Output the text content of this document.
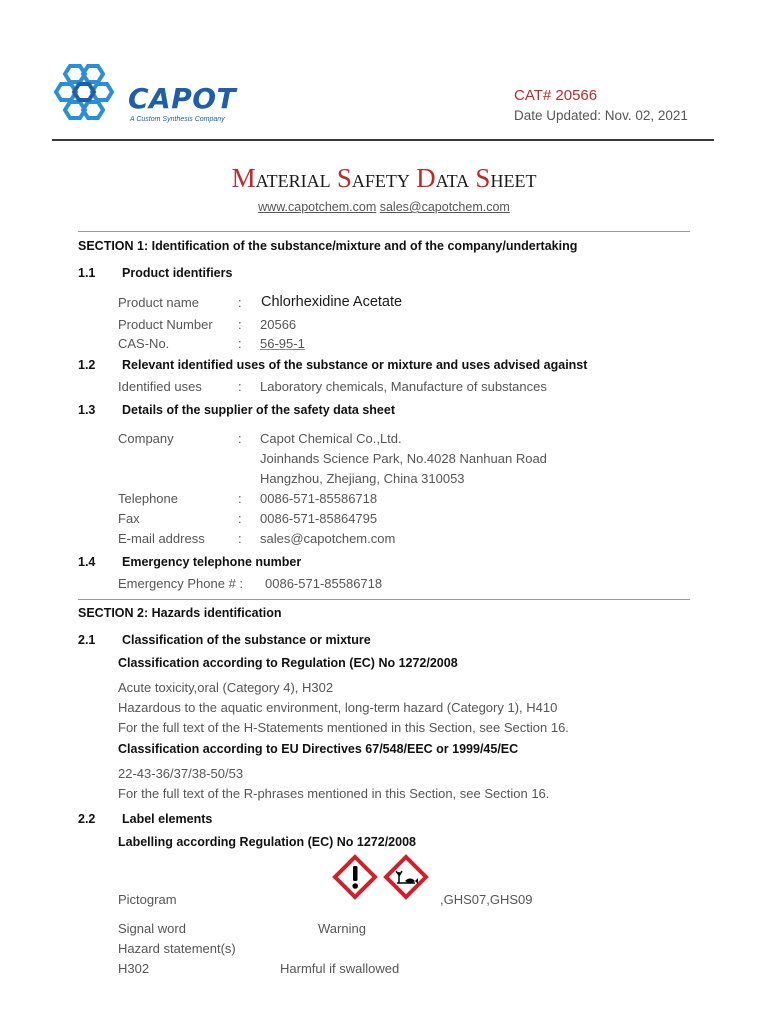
CAPOT
A Custom Synthesis Company
CAT# 20566
Date Updated: Nov. 02, 2021
Material Safety Data Sheet
www.capotchem.com sales@capotchem.com
SECTION 1: Identification of the substance/mixture and of the company/undertaking
1.1 Product identifiers
Product name	: Chlorhexidine Acetate
Product Number : 20566
CAS-No.	: 56-95-1
1.2 Relevant identified uses of the substance or mixture and uses advised against
Identified uses	: Laboratory chemicals, Manufacture of substances
1.3 Details of the supplier of the safety data sheet
Company	: Capot Chemical Co.,Ltd.
Joinhands Science Park, No.4028 Nanhuan Road
Hangzhou, Zhejiang, China 310053
Telephone	: 0086-571-85586718
Fax	: 0086-571-85864795
E-mail address	: sales@capotchem.com
1.4 Emergency telephone number
Emergency Phone # : 0086-571-85586718
SECTION 2: Hazards identification
2.1 Classification of the substance or mixture
Classification according to Regulation (EC) No 1272/2008
Acute toxicity,oral (Category 4), H302
Hazardous to the aquatic environment, long-term hazard (Category 1), H410
For the full text of the H-Statements mentioned in this Section, see Section 16.
Classification according to EU Directives 67/548/EEC or 1999/45/EC
22-43-36/37/38-50/53
For the full text of the R-phrases mentioned in this Section, see Section 16.
2.2 Label elements
Labelling according Regulation (EC) No 1272/2008
Pictogram	,GHS07,GHS09
Signal word	Warning
Hazard statement(s)
H302	Harmful if swallowed
